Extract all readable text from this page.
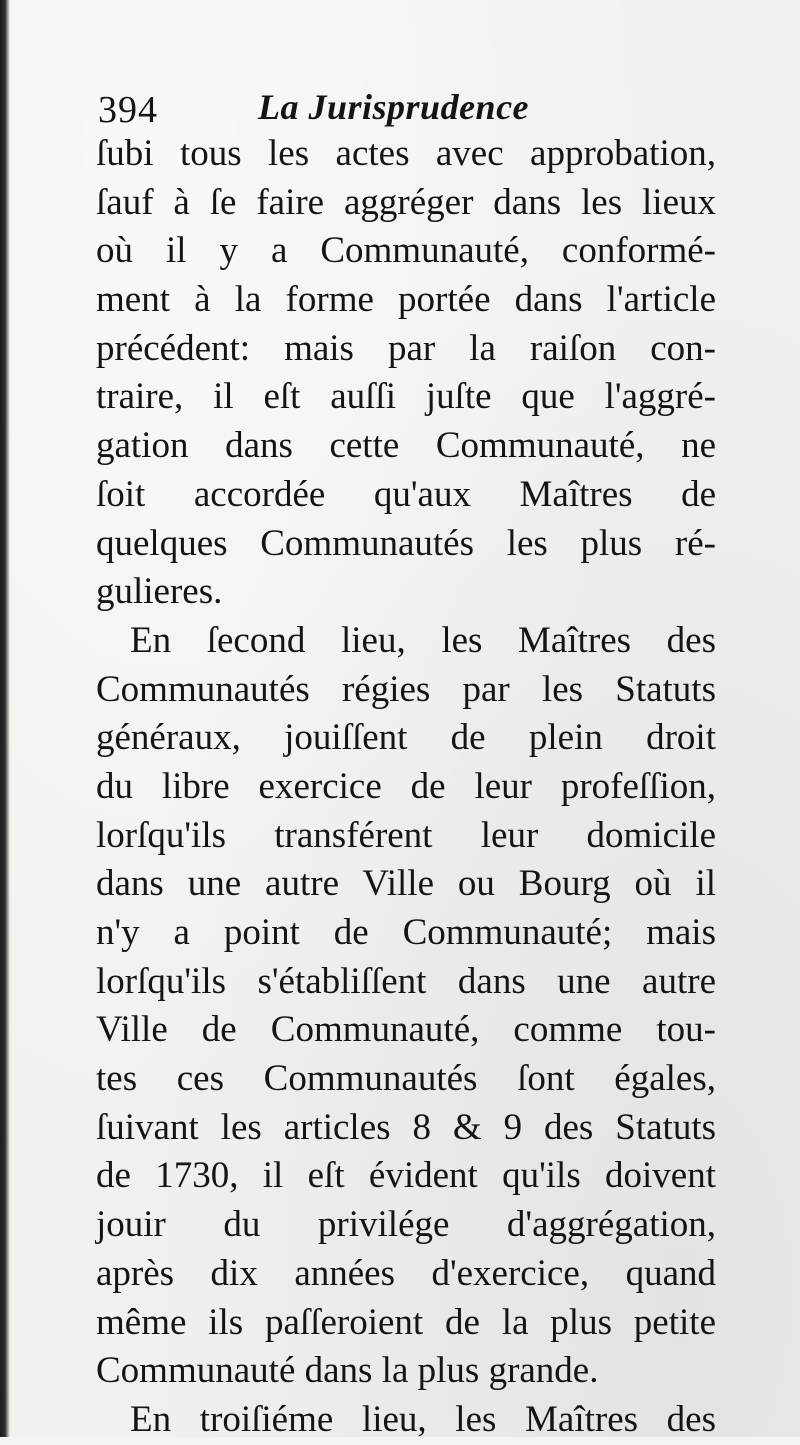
394	La Jurisprudence
ſubi tous les actes avec approbation,
ſauf à ſe faire aggréger dans les lieux
où il y a Communauté, conformé-
ment à la forme portée dans l'article
précédent: mais par la raiſon con-
traire, il eſt auſſi juſte que l'aggré-
gation dans cette Communauté, ne
ſoit accordée qu'aux Maîtres de
quelques Communautés les plus ré-
gulieres.
En ſecond lieu, les Maîtres des
Communautés régies par les Statuts
généraux, jouiſſent de plein droit
du libre exercice de leur profeſſion,
lorſqu'ils transférent leur domicile
dans une autre Ville ou Bourg où il
n'y a point de Communauté; mais
lorſqu'ils s'établiſſent dans une autre
Ville de Communauté, comme tou-
tes ces Communautés ſont égales,
ſuivant les articles 8 & 9 des Statuts
de 1730, il eſt évident qu'ils doivent
jouir du privilége d'aggrégation,
après dix années d'exercice, quand
même ils paſſeroient de la plus petite
Communauté dans la plus grande.
En troiſiéme lieu, les Maîtres des
